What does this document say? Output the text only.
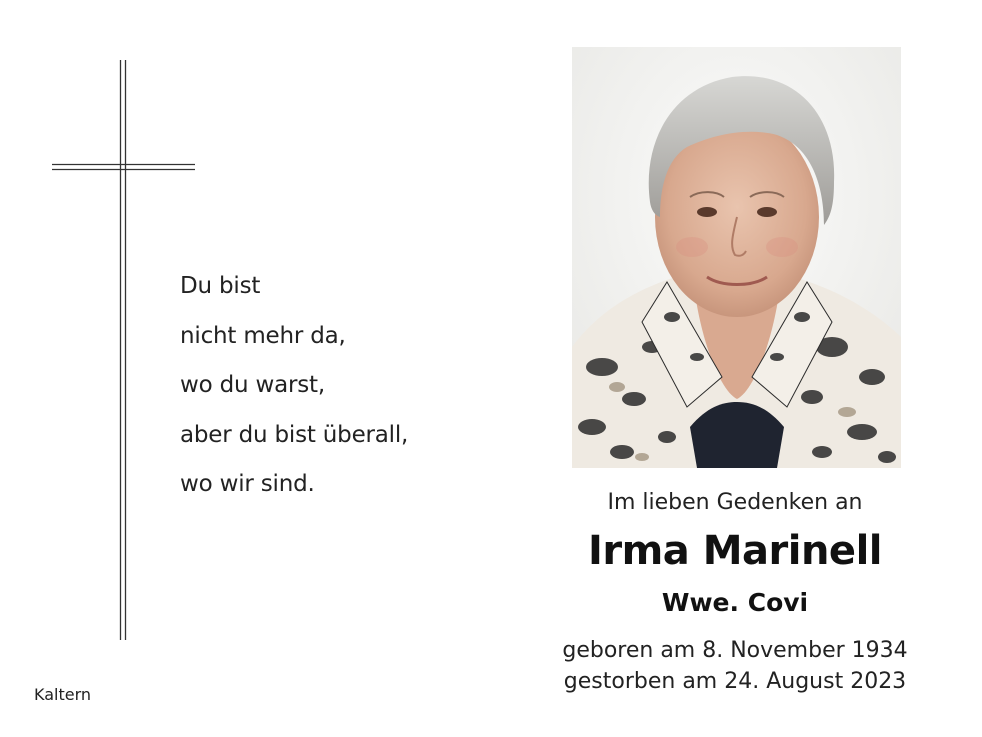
Du bist
nicht mehr da,
wo du warst,
aber du bist überall,
wo wir sind.
Kaltern
Im lieben Gedenken an
Irma Marinell
Wwe. Covi
geboren am 8. November 1934
gestorben am 24. August 2023
